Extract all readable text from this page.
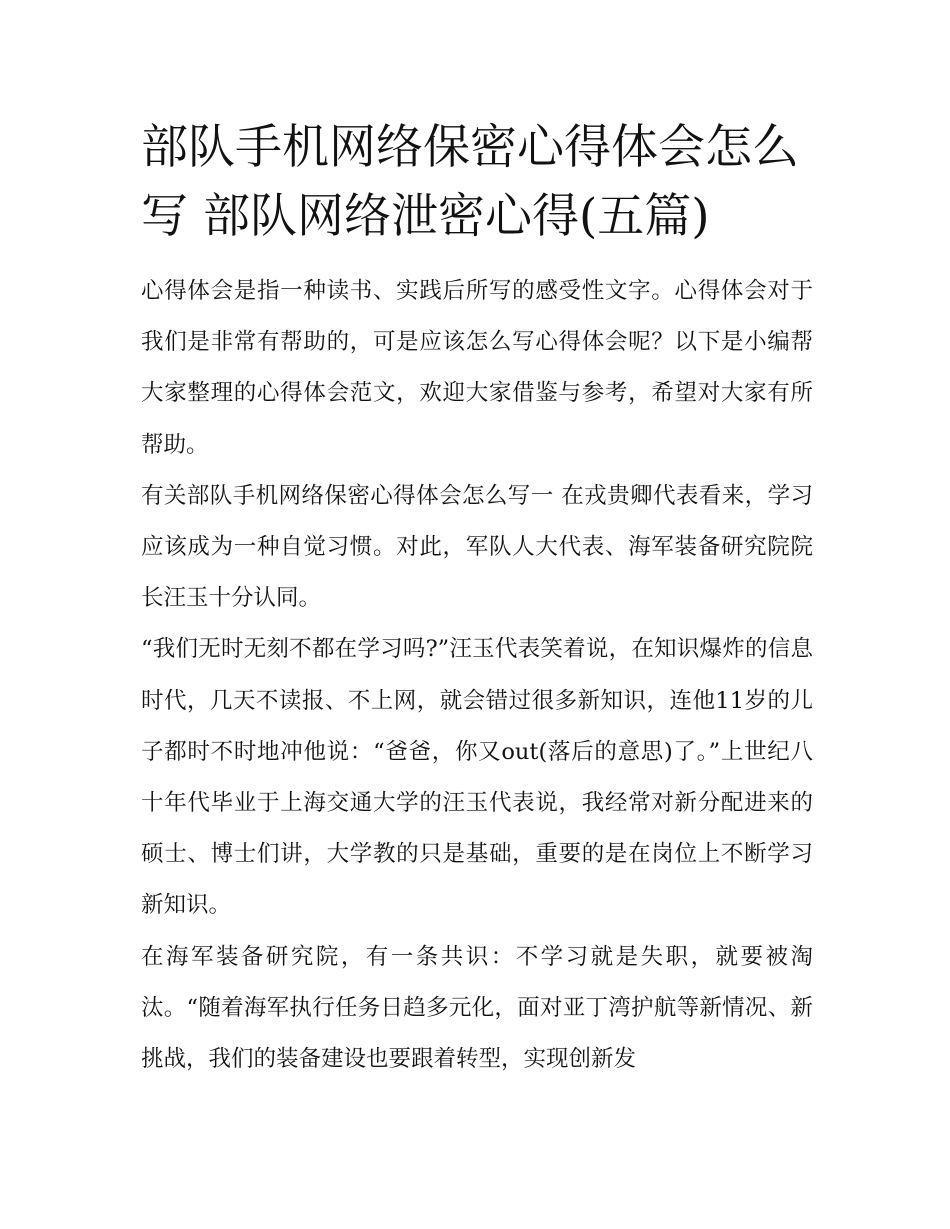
部队手机网络保密心得体会怎么写 部队网络泄密心得(五篇)

心得体会是指一种读书、实践后所写的感受性文字。心得体会对于我们是非常有帮助的，可是应该怎么写心得体会呢？以下是小编帮大家整理的心得体会范文，欢迎大家借鉴与参考，希望对大家有所帮助。

有关部队手机网络保密心得体会怎么写一 在戎贵卿代表看来，学习应该成为一种自觉习惯。对此，军队人大代表、海军装备研究院院长汪玉十分认同。

“我们无时无刻不都在学习吗?”汪玉代表笑着说，在知识爆炸的信息时代，几天不读报、不上网，就会错过很多新知识，连他11岁的儿子都时不时地冲他说：“爸爸，你又out(落后的意思)了。”上世纪八十年代毕业于上海交通大学的汪玉代表说，我经常对新分配进来的硕士、博士们讲，大学教的只是基础，重要的是在岗位上不断学习新知识。

在海军装备研究院，有一条共识：不学习就是失职，就要被淘汰。“随着海军执行任务日趋多元化，面对亚丁湾护航等新情况、新挑战，我们的装备建设也要跟着转型，实现创新发
